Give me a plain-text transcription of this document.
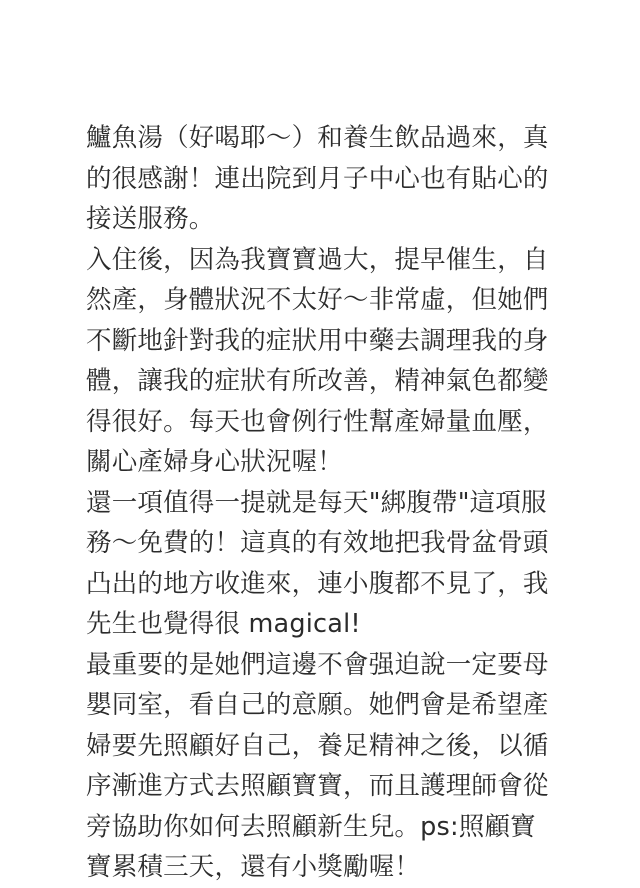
鱸魚湯（好喝耶～）和養生飲品過來，真的很感謝！連出院到月子中心也有貼心的接送服務。

入住後，因為我寶寶過大，提早催生，自然產，身體狀況不太好～非常虛，但她們不斷地針對我的症狀用中藥去調理我的身體，讓我的症狀有所改善，精神氣色都變得很好。每天也會例行性幫產婦量血壓，關心產婦身心狀況喔！

還一項值得一提就是每天"綁腹帶"這項服務～免費的！這真的有效地把我骨盆骨頭凸出的地方收進來，連小腹都不見了，我先生也覺得很 magical!

最重要的是她們這邊不會强迫說一定要母嬰同室，看自己的意願。她們會是希望產婦要先照顧好自己，養足精神之後，以循序漸進方式去照顧寶寶，而且護理師會從旁協助你如何去照顧新生兒。ps:照顧寶寶累積三天，還有小獎勵喔！
